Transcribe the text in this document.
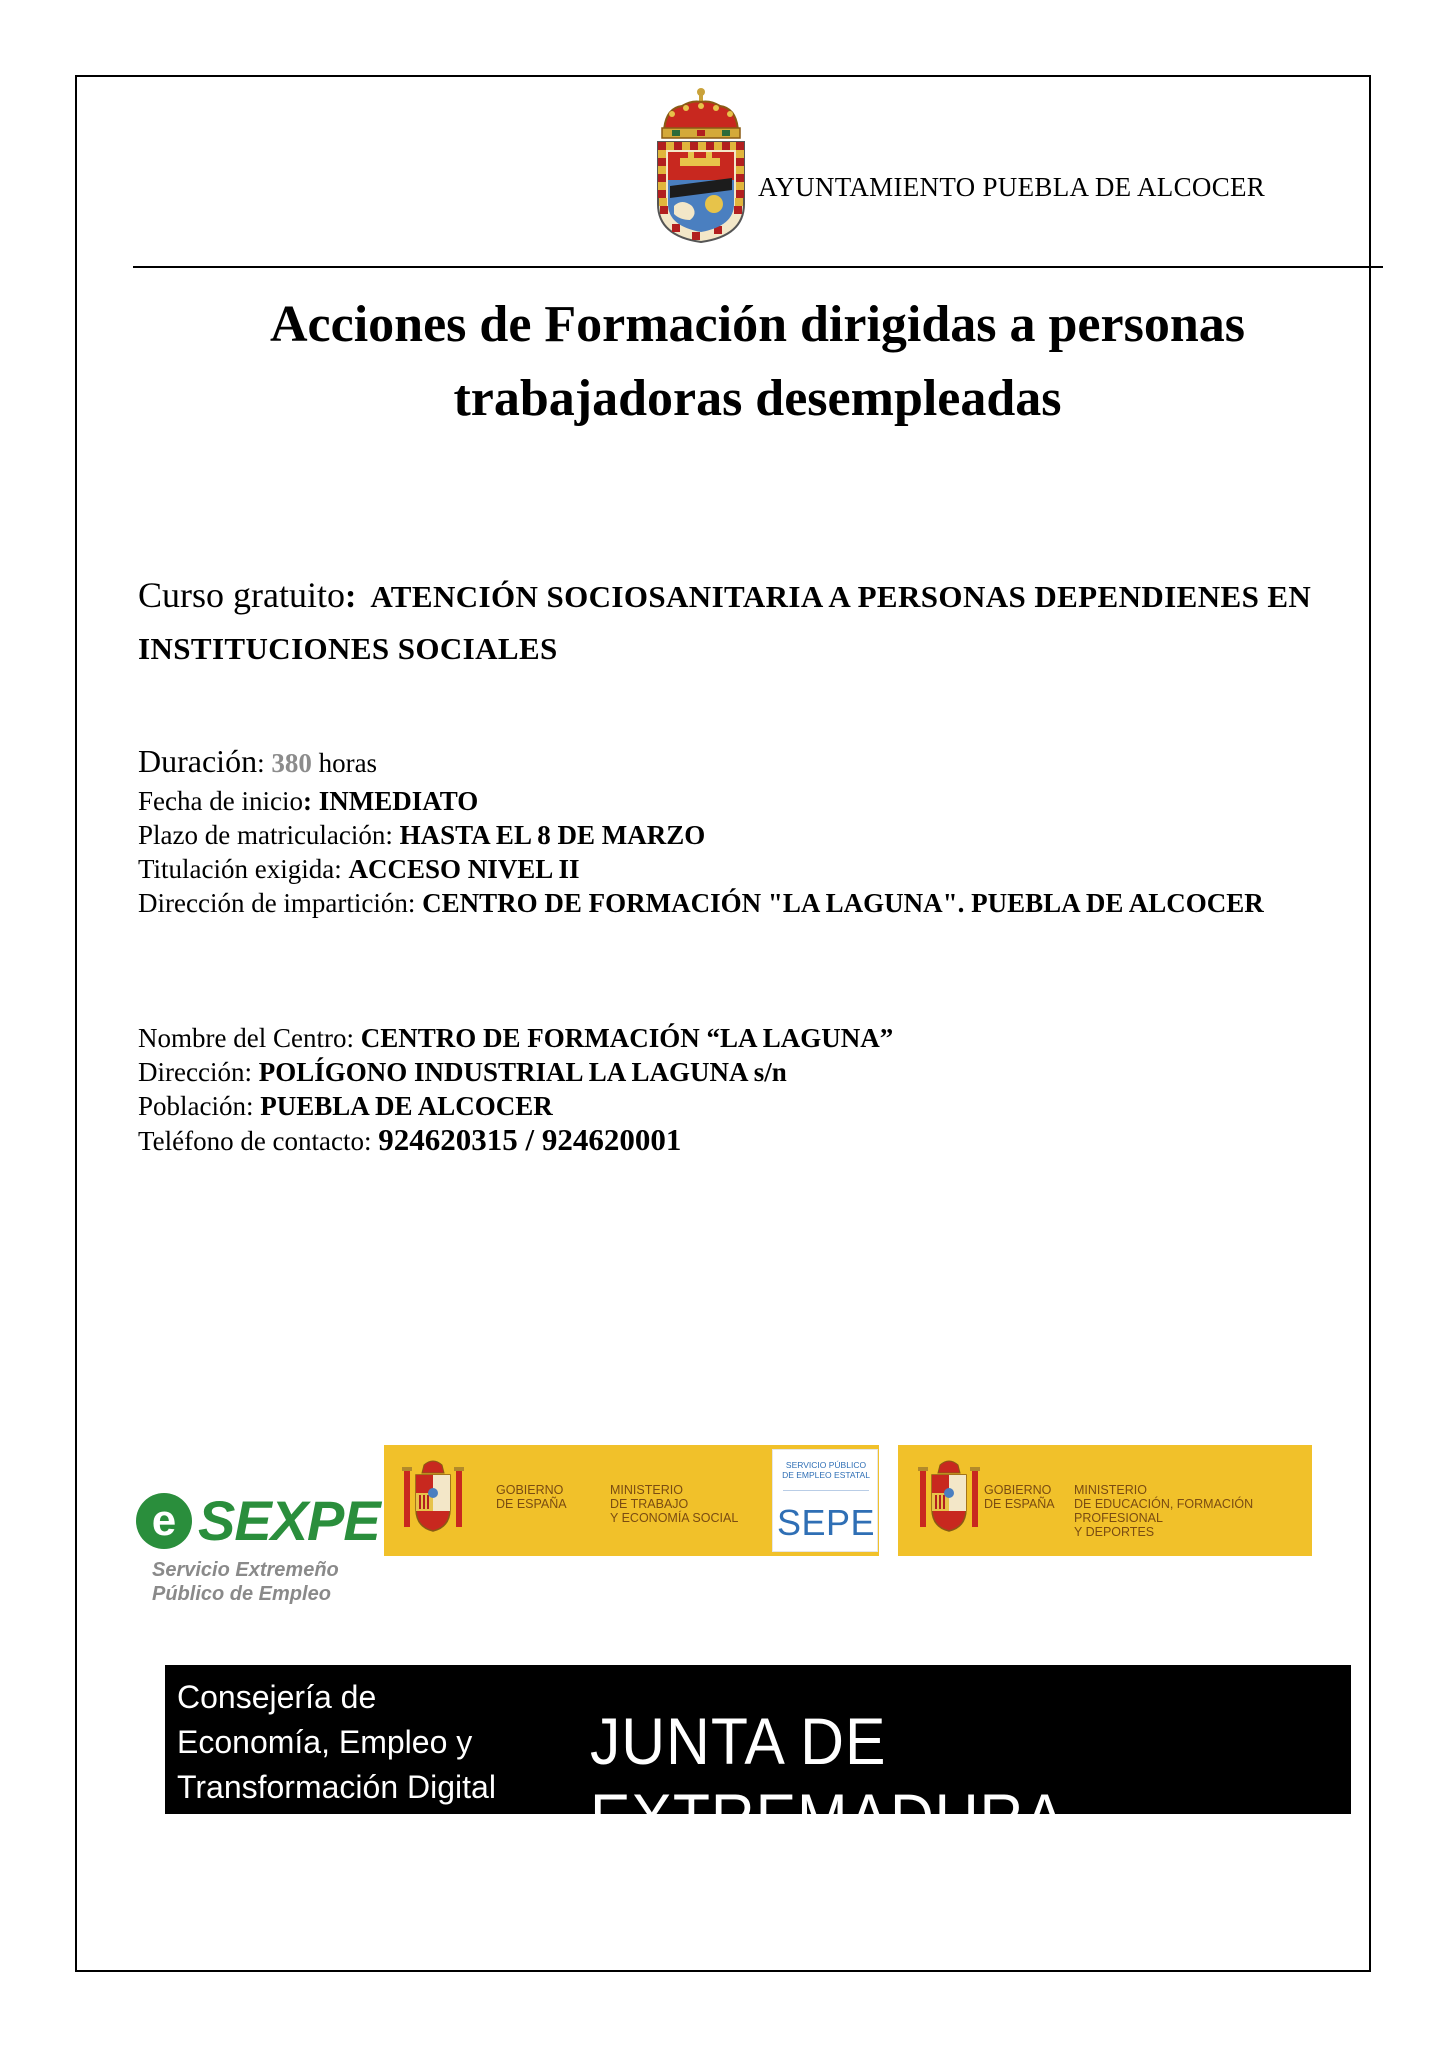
AYUNTAMIENTO PUEBLA DE ALCOCER
Acciones de Formación dirigidas a personas
trabajadoras desempleadas
Curso gratuito: ATENCIÓN SOCIOSANITARIA A PERSONAS DEPENDIENES EN INSTITUCIONES SOCIALES
Duración: 380 horas
Fecha de inicio: INMEDIATO
Plazo de matriculación: HASTA EL 8 DE MARZO
Titulación exigida: ACCESO NIVEL II
Dirección de impartición: CENTRO DE FORMACIÓN "LA LAGUNA". PUEBLA DE ALCOCER
Nombre del Centro: CENTRO DE FORMACIÓN “LA LAGUNA”
Dirección: POLÍGONO INDUSTRIAL LA LAGUNA s/n
Población: PUEBLA DE ALCOCER
Teléfono de contacto: 924620315 / 924620001
e SEXPE
Servicio Extremeño
Público de Empleo
GOBIERNO
DE ESPAÑA
MINISTERIO
DE TRABAJO
Y ECONOMÍA SOCIAL
SERVICIO PÚBLICO
DE EMPLEO ESTATAL
SEPE
GOBIERNO
DE ESPAÑA
MINISTERIO
DE EDUCACIÓN, FORMACIÓN PROFESIONAL
Y DEPORTES
Consejería de
Economía, Empleo y
Transformación Digital
JUNTA DE EXTREMADURA
